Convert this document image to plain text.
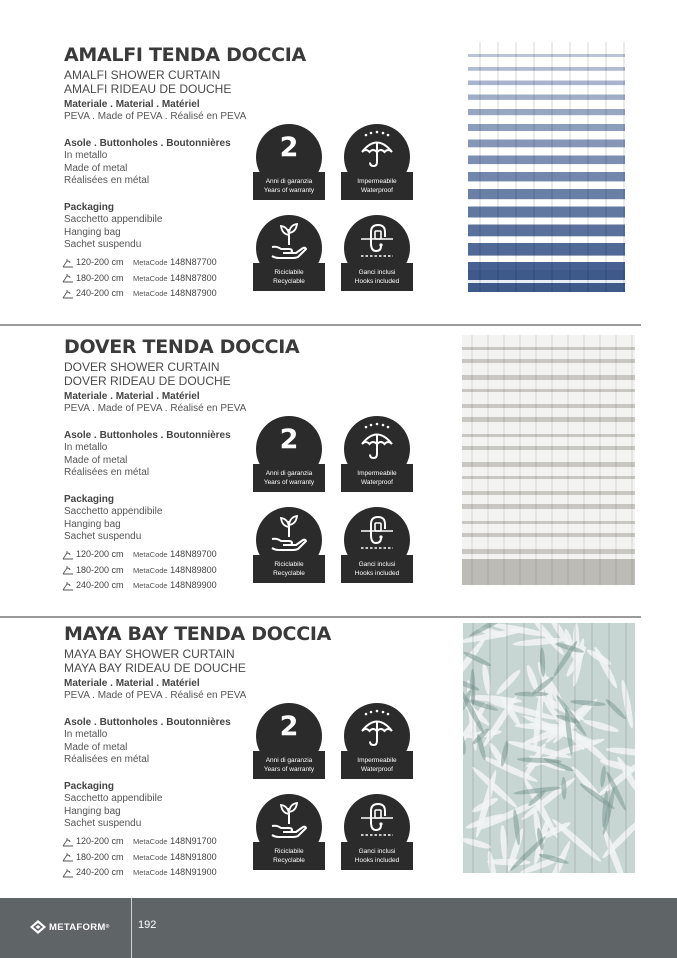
AMALFI TENDA DOCCIA
AMALFI SHOWER CURTAIN
AMALFI RIDEAU DE DOUCHE
Materiale . Material . Matériel
PEVA . Made of PEVA . Réalisé en PEVA
Asole . Buttonholes . Boutonnières
In metallo
Made of metal
Réalisées en métal
Packaging
Sacchetto appendibile
Hanging bag
Sachet suspendu
120-200 cm MetaCode 148N87700
180-200 cm MetaCode 148N87800
240-200 cm MetaCode 148N87900
2
Anni di garanzia
Years of warranty
Impermeabile
Waterproof
Riciclabile
Recyclable
Ganci inclusi
Hooks included
DOVER TENDA DOCCIA
DOVER SHOWER CURTAIN
DOVER RIDEAU DE DOUCHE
Materiale . Material . Matériel
PEVA . Made of PEVA . Réalisé en PEVA
Asole . Buttonholes . Boutonnières
In metallo
Made of metal
Réalisées en métal
Packaging
Sacchetto appendibile
Hanging bag
Sachet suspendu
120-200 cm MetaCode 148N89700
180-200 cm MetaCode 148N89800
240-200 cm MetaCode 148N89900
2
Anni di garanzia
Years of warranty
Impermeabile
Waterproof
Riciclabile
Recyclable
Ganci inclusi
Hooks included
MAYA BAY TENDA DOCCIA
MAYA BAY SHOWER CURTAIN
MAYA BAY RIDEAU DE DOUCHE
Materiale . Material . Matériel
PEVA . Made of PEVA . Réalisé en PEVA
Asole . Buttonholes . Boutonnières
In metallo
Made of metal
Réalisées en métal
Packaging
Sacchetto appendibile
Hanging bag
Sachet suspendu
120-200 cm MetaCode 148N91700
180-200 cm MetaCode 148N91800
240-200 cm MetaCode 148N91900
2
Anni di garanzia
Years of warranty
Impermeabile
Waterproof
Riciclabile
Recyclable
Ganci inclusi
Hooks included
METAFORM ®	192
